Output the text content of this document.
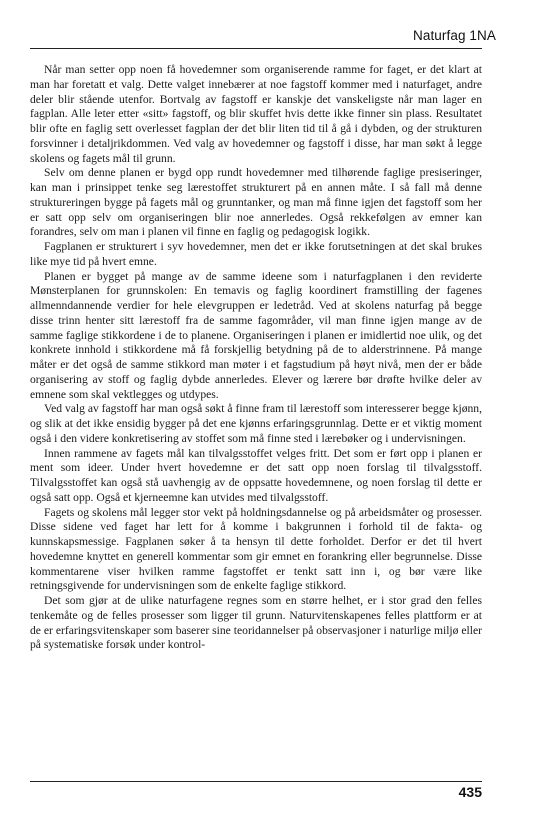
Naturfag 1NA

Når man setter opp noen få hovedemner som organiserende ramme for faget, er det klart at man har foretatt et valg. Dette valget innebærer at noe fagstoff kommer med i naturfaget, andre deler blir stående utenfor. Bortvalg av fagstoff er kanskje det vanskeligste når man lager en fagplan. Alle leter etter «sitt» fagstoff, og blir skuffet hvis dette ikke finner sin plass. Resultatet blir ofte en faglig sett overlesset fagplan der det blir liten tid til å gå i dybden, og der strukturen forsvinner i detaljrikdommen. Ved valg av hovedemner og fagstoff i disse, har man søkt å legge skolens og fagets mål til grunn.

Selv om denne planen er bygd opp rundt hovedemner med tilhørende faglige presiseringer, kan man i prinsippet tenke seg lærestoffet strukturert på en annen måte. I så fall må denne struktureringen bygge på fagets mål og grunntanker, og man må finne igjen det fagstoff som her er satt opp selv om organiseringen blir noe annerledes. Også rekkefølgen av emner kan forandres, selv om man i planen vil finne en faglig og pedagogisk logikk.

Fagplanen er strukturert i syv hovedemner, men det er ikke forutsetningen at det skal brukes like mye tid på hvert emne.

Planen er bygget på mange av de samme ideene som i naturfagplanen i den reviderte Mønsterplanen for grunnskolen: En temavis og faglig koordinert framstilling der fagenes allmenndannende verdier for hele elevgruppen er ledetråd. Ved at skolens naturfag på begge disse trinn henter sitt lærestoff fra de samme fagområder, vil man finne igjen mange av de samme faglige stikkordene i de to planene. Organiseringen i planen er imidlertid noe ulik, og det konkrete innhold i stikkordene må få forskjellig betydning på de to alderstrinnene. På mange måter er det også de samme stikkord man møter i et fagstudium på høyt nivå, men der er både organisering av stoff og faglig dybde annerledes. Elever og lærere bør drøfte hvilke deler av emnene som skal vektlegges og utdypes.

Ved valg av fagstoff har man også søkt å finne fram til lærestoff som interesserer begge kjønn, og slik at det ikke ensidig bygger på det ene kjønns erfaringsgrunnlag. Dette er et viktig moment også i den videre konkretisering av stoffet som må finne sted i lærebøker og i undervisningen.

Innen rammene av fagets mål kan tilvalgsstoffet velges fritt. Det som er ført opp i planen er ment som ideer. Under hvert hovedemne er det satt opp noen forslag til tilvalgsstoff. Tilvalgsstoffet kan også stå uavhengig av de oppsatte hovedemnene, og noen forslag til dette er også satt opp. Også et kjerneemne kan utvides med tilvalgsstoff.

Fagets og skolens mål legger stor vekt på holdningsdannelse og på arbeidsmåter og prosesser. Disse sidene ved faget har lett for å komme i bakgrunnen i forhold til de fakta- og kunnskapsmessige. Fagplanen søker å ta hensyn til dette forholdet. Derfor er det til hvert hovedemne knyttet en generell kommentar som gir emnet en forankring eller begrunnelse. Disse kommentarene viser hvilken ramme fagstoffet er tenkt satt inn i, og bør være like retningsgivende for undervisningen som de enkelte faglige stikkord.

Det som gjør at de ulike naturfagene regnes som en større helhet, er i stor grad den felles tenkemåte og de felles prosesser som ligger til grunn. Naturvitenskapenes felles plattform er at de er erfaringsvitenskaper som baserer sine teoridannelser på observasjoner i naturlige miljø eller på systematiske forsøk under kontrol-

435
